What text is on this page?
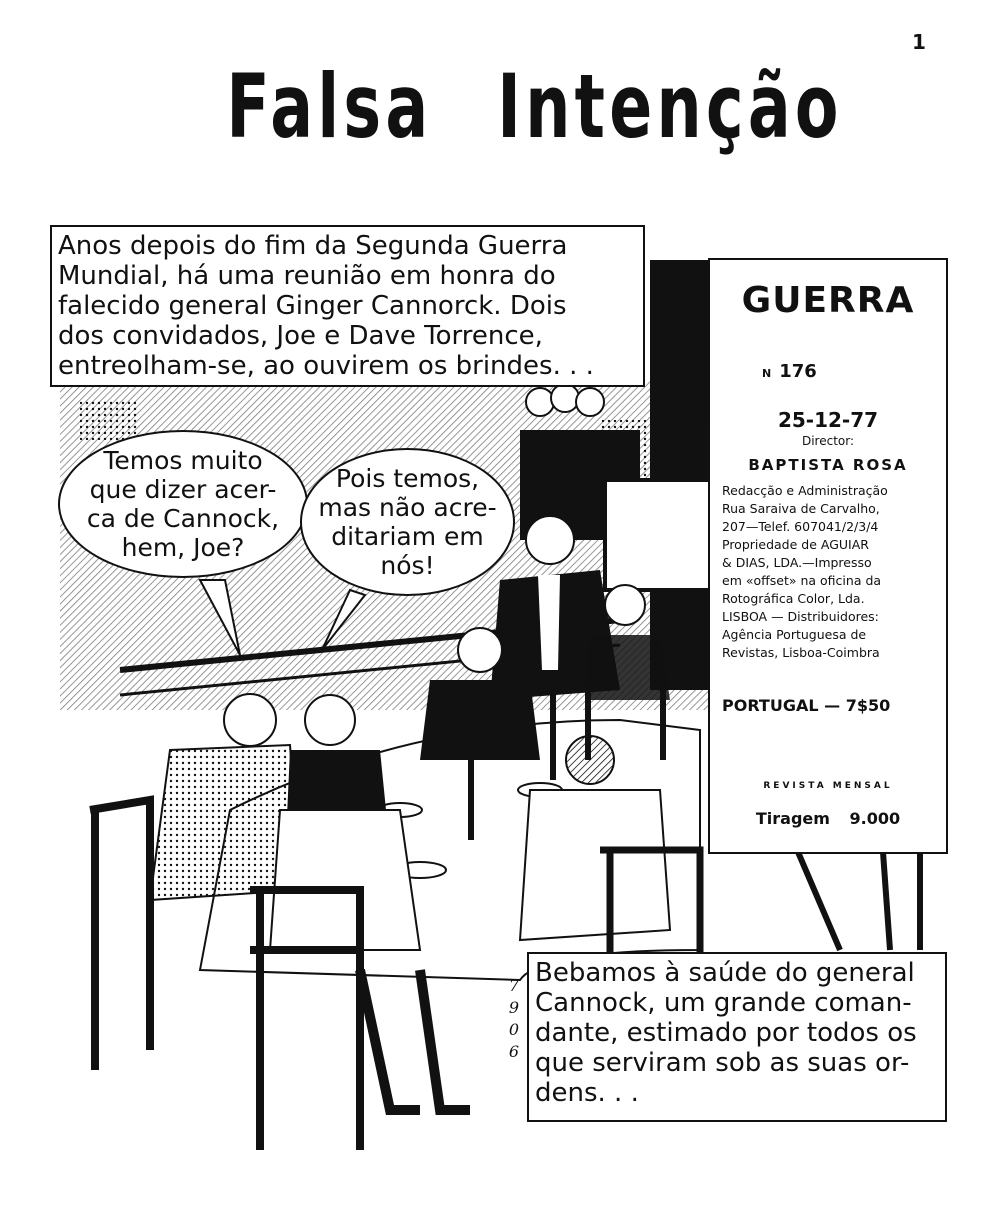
1
Falsa Intenção
Anos depois do fim da Segunda Guerra
Mundial, há uma reunião em honra do
falecido general Ginger Cannorck. Dois
dos convidados, Joe e Dave Torrence,
entreolham-se, ao ouvirem os brindes. . .
Temos muito
que dizer acer-
ca de Cannock,
hem, Joe?
Pois temos,
mas não acre-
ditariam em
nós!
GUERRA
N 176
25-12-77
Director:
BAPTISTA ROSA
Redacção e Administração
Rua Saraiva de Carvalho,
207—Telef. 607041/2/3/4
Propriedade de AGUIAR
& DIAS, LDA.—Impresso
em «offset» na oficina da
Rotográfica Color, Lda.
LISBOA — Distribuidores:
Agência Portuguesa de
Revistas, Lisboa-Coimbra
PORTUGAL — 7$50
REVISTA MENSAL
Tiragem 9.000
7
9
0
6
Bebamos à saúde do general
Cannock, um grande coman-
dante, estimado por todos os
que serviram sob as suas or-
dens. . .
